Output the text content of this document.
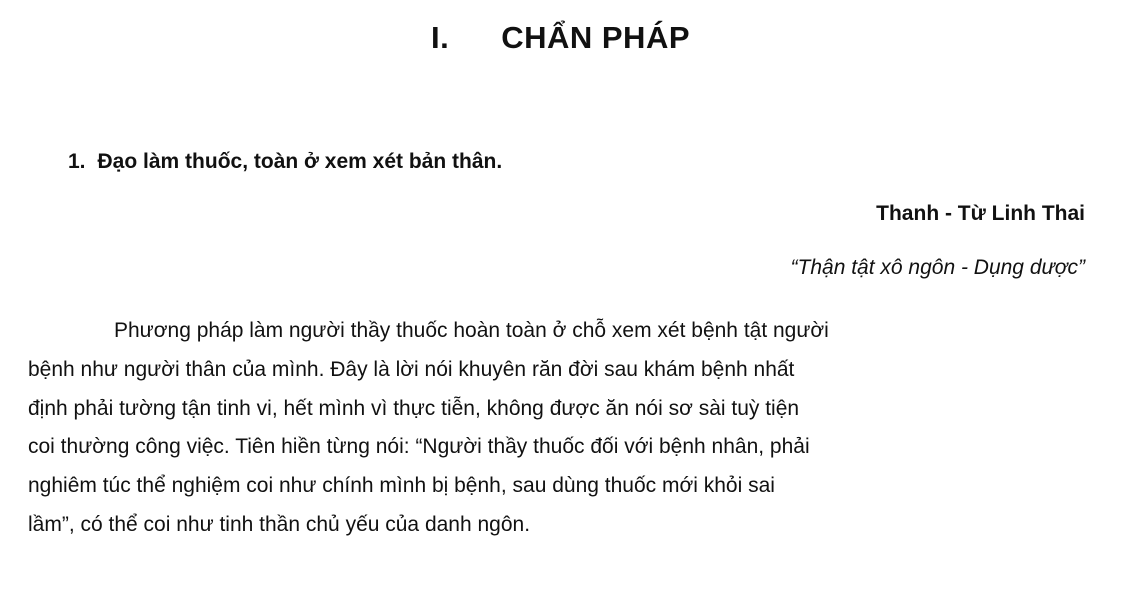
I. CHẨN PHÁP
1. Đạo làm thuốc, toàn ở xem xét bản thân.
Thanh - Từ Linh Thai
“Thận tật xô ngôn - Dụng dược”

Phương pháp làm người thầy thuốc hoàn toàn ở chỗ xem xét bệnh tật người
bệnh như người thân của mình. Đây là lời nói khuyên răn đời sau khám bệnh nhất
định phải tường tận tinh vi, hết mình vì thực tiễn, không được ăn nói sơ sài tuỳ tiện
coi thường công việc. Tiên hiền từng nói: “Người thầy thuốc đối với bệnh nhân, phải
nghiêm túc thể nghiệm coi như chính mình bị bệnh, sau dùng thuốc mới khỏi sai
lầm”, có thể coi như tinh thần chủ yếu của danh ngôn.
